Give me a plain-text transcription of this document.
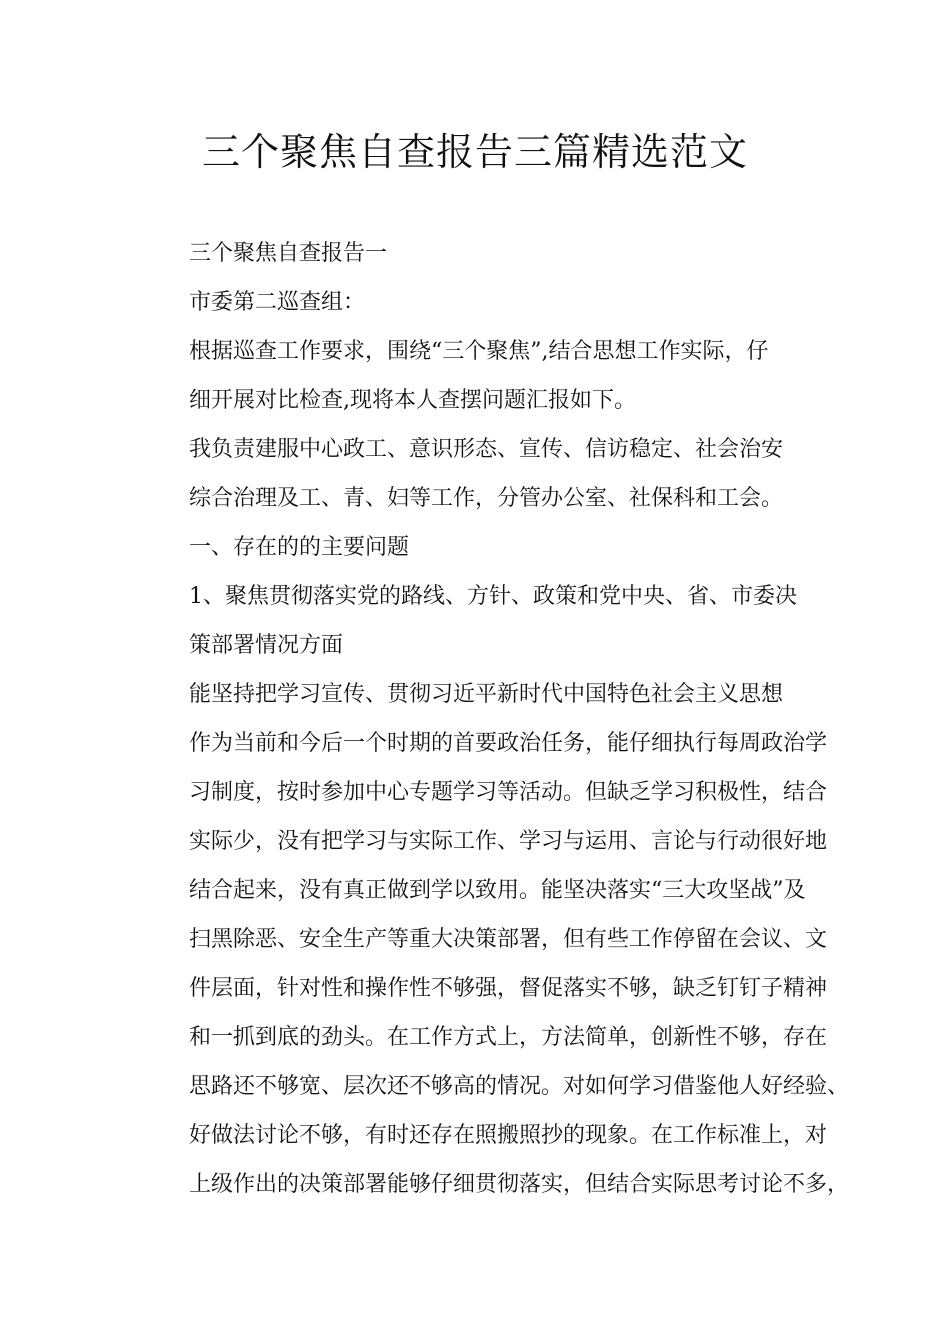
三个聚焦自查报告三篇精选范文

三个聚焦自查报告一

市委第二巡查组：

根据巡查工作要求，围绕“三个聚焦”,结合思想工作实际，仔
细开展对比检查,现将本人查摆问题汇报如下。

我负责建服中心政工、意识形态、宣传、信访稳定、社会治安
综合治理及工、青、妇等工作，分管办公室、社保科和工会。

一、存在的的主要问题

1、聚焦贯彻落实党的路线、方针、政策和党中央、省、市委决
策部署情况方面

能坚持把学习宣传、贯彻习近平新时代中国特色社会主义思想
作为当前和今后一个时期的首要政治任务，能仔细执行每周政治学
习制度，按时参加中心专题学习等活动。但缺乏学习积极性，结合
实际少，没有把学习与实际工作、学习与运用、言论与行动很好地
结合起来，没有真正做到学以致用。能坚决落实“三大攻坚战”及
扫黑除恶、安全生产等重大决策部署，但有些工作停留在会议、文
件层面，针对性和操作性不够强，督促落实不够，缺乏钉钉子精神
和一抓到底的劲头。在工作方式上，方法简单，创新性不够，存在
思路还不够宽、层次还不够高的情况。对如何学习借鉴他人好经验、
好做法讨论不够，有时还存在照搬照抄的现象。在工作标准上，对
上级作出的决策部署能够仔细贯彻落实，但结合实际思考讨论不多，
